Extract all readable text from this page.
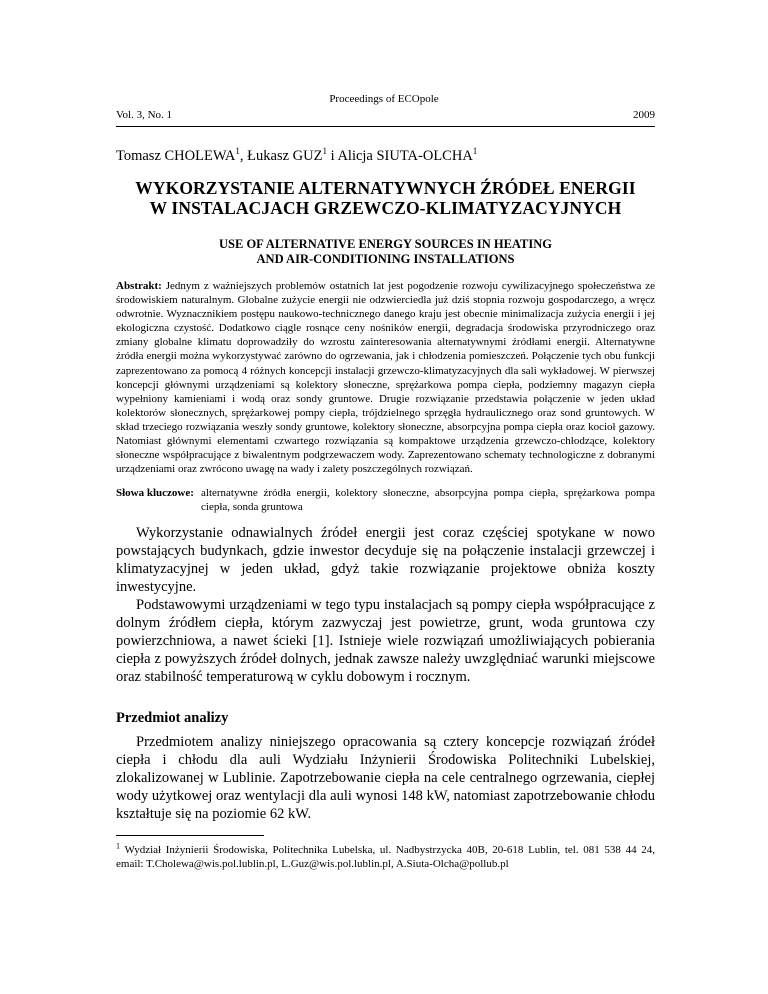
Proceedings of ECOpole
Vol. 3, No. 1	2009
Tomasz CHOLEWA$^1$, Łukasz GUZ$^1$ i Alicja SIUTA-OLCHA$^1$
WYKORZYSTANIE ALTERNATYWNYCH ŹRÓDEŁ ENERGII
W INSTALACJACH GRZEWCZO-KLIMATYZACYJNYCH
USE OF ALTERNATIVE ENERGY SOURCES IN HEATING
AND AIR-CONDITIONING INSTALLATIONS
Abstrakt: Jednym z ważniejszych problemów ostatnich lat jest pogodzenie rozwoju cywilizacyjnego społeczeństwa ze środowiskiem naturalnym. Globalne zużycie energii nie odzwierciedla już dziś stopnia rozwoju gospodarczego, a wręcz odwrotnie. Wyznacznikiem postępu naukowo-technicznego danego kraju jest obecnie minimalizacja zużycia energii i jej ekologiczna czystość. Dodatkowo ciągle rosnące ceny nośników energii, degradacja środowiska przyrodniczego oraz zmiany globalne klimatu doprowadziły do wzrostu zainteresowania alternatywnymi źródłami energii. Alternatywne źródła energii można wykorzystywać zarówno do ogrzewania, jak i chłodzenia pomieszczeń. Połączenie tych obu funkcji zaprezentowano za pomocą 4 różnych koncepcji instalacji grzewczo-klimatyzacyjnych dla sali wykładowej. W pierwszej koncepcji głównymi urządzeniami są kolektory słoneczne, sprężarkowa pompa ciepła, podziemny magazyn ciepła wypełniony kamieniami i wodą oraz sondy gruntowe. Drugie rozwiązanie przedstawia połączenie w jeden układ kolektorów słonecznych, sprężarkowej pompy ciepła, trójdzielnego sprzęgła hydraulicznego oraz sond gruntowych. W skład trzeciego rozwiązania weszły sondy gruntowe, kolektory słoneczne, absorpcyjna pompa ciepła oraz kocioł gazowy. Natomiast głównymi elementami czwartego rozwiązania są kompaktowe urządzenia grzewczo-chłodzące, kolektory słoneczne współpracujące z biwalentnym podgrzewaczem wody. Zaprezentowano schematy technologiczne z dobranymi urządzeniami oraz zwrócono uwagę na wady i zalety poszczególnych rozwiązań.
Słowa kluczowe: alternatywne źródła energii, kolektory słoneczne, absorpcyjna pompa ciepła, sprężarkowa pompa ciepła, sonda gruntowa

Wykorzystanie odnawialnych źródeł energii jest coraz częściej spotykane w nowo powstających budynkach, gdzie inwestor decyduje się na połączenie instalacji grzewczej i klimatyzacyjnej w jeden układ, gdyż takie rozwiązanie projektowe obniża koszty inwestycyjne.

Podstawowymi urządzeniami w tego typu instalacjach są pompy ciepła współpracujące z dolnym źródłem ciepła, którym zazwyczaj jest powietrze, grunt, woda gruntowa czy powierzchniowa, a nawet ścieki [1]. Istnieje wiele rozwiązań umożliwiających pobierania ciepła z powyższych źródeł dolnych, jednak zawsze należy uwzględniać warunki miejscowe oraz stabilność temperaturową w cyklu dobowym i rocznym.

Przedmiot analizy

Przedmiotem analizy niniejszego opracowania są cztery koncepcje rozwiązań źródeł ciepła i chłodu dla auli Wydziału Inżynierii Środowiska Politechniki Lubelskiej, zlokalizowanej w Lublinie. Zapotrzebowanie ciepła na cele centralnego ogrzewania, ciepłej wody użytkowej oraz wentylacji dla auli wynosi 148 kW, natomiast zapotrzebowanie chłodu kształtuje się na poziomie 62 kW.

$^1$ Wydział Inżynierii Środowiska, Politechnika Lubelska, ul. Nadbystrzycka 40B, 20-618 Lublin, tel. 081 538 44 24, email: T.Cholewa@wis.pol.lublin.pl, L.Guz@wis.pol.lublin.pl, A.Siuta-Olcha@pollub.pl
